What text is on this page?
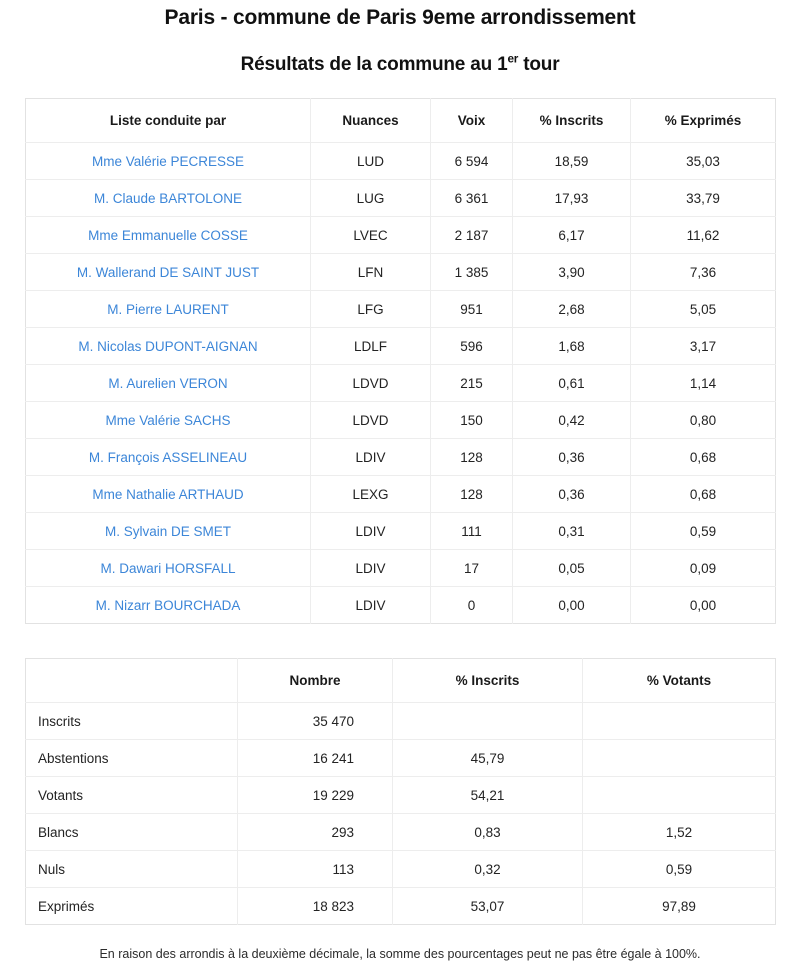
Paris - commune de Paris 9eme arrondissement
Résultats de la commune au 1er tour
Liste conduite par	Nuances	Voix	% Inscrits	% Exprimés
Mme Valérie PECRESSE	LUD	6 594	18,59	35,03
M. Claude BARTOLONE	LUG	6 361	17,93	33,79
Mme Emmanuelle COSSE	LVEC	2 187	6,17	11,62
M. Wallerand DE SAINT JUST	LFN	1 385	3,90	7,36
M. Pierre LAURENT	LFG	951	2,68	5,05
M. Nicolas DUPONT-AIGNAN	LDLF	596	1,68	3,17
M. Aurelien VERON	LDVD	215	0,61	1,14
Mme Valérie SACHS	LDVD	150	0,42	0,80
M. François ASSELINEAU	LDIV	128	0,36	0,68
Mme Nathalie ARTHAUD	LEXG	128	0,36	0,68
M. Sylvain DE SMET	LDIV	111	0,31	0,59
M. Dawari HORSFALL	LDIV	17	0,05	0,09
M. Nizarr BOURCHADA	LDIV	0	0,00	0,00
	Nombre	% Inscrits	% Votants
Inscrits	35 470		
Abstentions	16 241	45,79	
Votants	19 229	54,21	
Blancs	293	0,83	1,52
Nuls	113	0,32	0,59
Exprimés	18 823	53,07	97,89

En raison des arrondis à la deuxième décimale, la somme des pourcentages peut ne pas être égale à 100%.
